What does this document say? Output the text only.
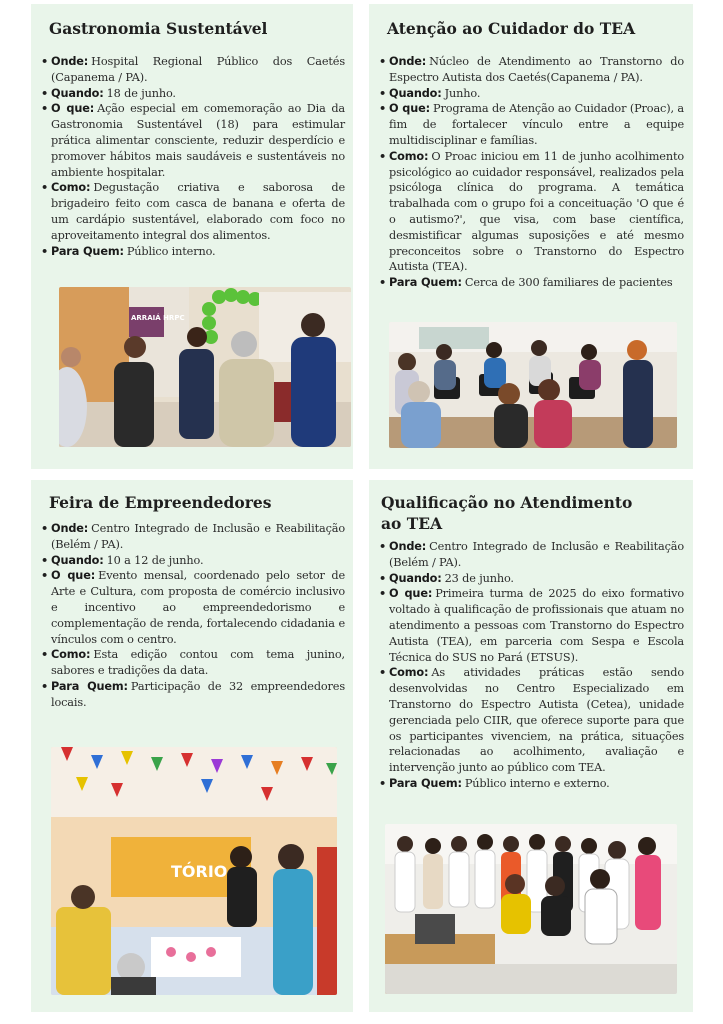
Gastronomia Sustentável
• Onde: Hospital Regional Público dos Caetés (Capanema / PA).
• Quando: 18 de junho.
• O que: Ação especial em comemoração ao Dia da Gastronomia Sustentável (18) para estimular prática alimentar consciente, reduzir desperdício e promover hábitos mais saudáveis e sustentáveis no ambiente hospitalar.
• Como: Degustação criativa e saborosa de brigadeiro feito com casca de banana e oferta de um cardápio sustentável, elaborado com foco no aproveitamento integral dos alimentos.
• Para Quem: Público interno.
ARRAIÁ HRPC
Atenção ao Cuidador do TEA
• Onde: Núcleo de Atendimento ao Transtorno do Espectro Autista dos Caetés(Capanema / PA).
• Quando: Junho.
• O que: Programa de Atenção ao Cuidador (Proac), a fim de fortalecer vínculo entre a equipe multidisciplinar e famílias.
• Como: O Proac iniciou em 11 de junho acolhimento psicológico ao cuidador responsável, realizados pela psicóloga clínica do programa. A temática trabalhada com o grupo foi a conceituação 'O que é o autismo?', que visa, com base científica, desmistificar algumas suposições e até mesmo preconceitos sobre o Transtorno do Espectro Autista (TEA).
• Para Quem: Cerca de 300 familiares de pacientes
Feira de Empreendedores
• Onde: Centro Integrado de Inclusão e Reabilitação (Belém / PA).
• Quando: 10 a 12 de junho.
• O que: Evento mensal, coordenado pelo setor de Arte e Cultura, com proposta de comércio inclusivo e incentivo ao empreendedorismo e complementação de renda, fortalecendo cidadania e vínculos com o centro.
• Como: Esta edição contou com tema junino, sabores e tradições da data.
• Para Quem: Participação de 32 empreendedores locais.
TÓRIO
Qualificação no Atendimento ao TEA
• Onde: Centro Integrado de Inclusão e Reabilitação (Belém / PA).
• Quando: 23 de junho.
• O que: Primeira turma de 2025 do eixo formativo voltado à qualificação de profissionais que atuam no atendimento a pessoas com Transtorno do Espectro Autista (TEA), em parceria com Sespa e Escola Técnica do SUS no Pará (ETSUS).
• Como: As atividades práticas estão sendo desenvolvidas no Centro Especializado em Transtorno do Espectro Autista (Cetea), unidade gerenciada pelo CIIR, que oferece suporte para que os participantes vivenciem, na prática, situações relacionadas ao acolhimento, avaliação e intervenção junto ao público com TEA.
• Para Quem: Público interno e externo.
